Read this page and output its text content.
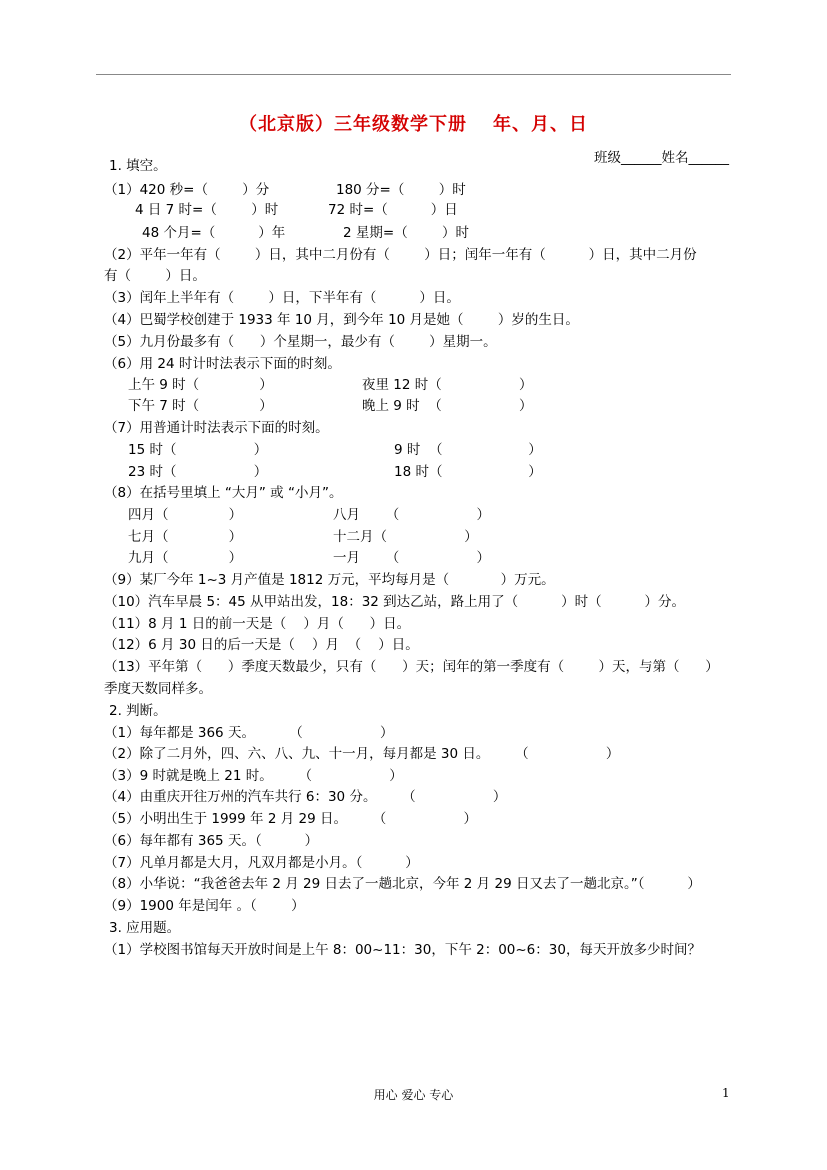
（北京版）三年级数学下册 年、月、日
班级______姓名______
1. 填空。
（1）420 秒=（        ）分	180 分=（        ）时
4 日 7 时=（        ）时	72 时=（          ）日
48 个月=（          ）年	2 星期=（        ）时
（2）平年一年有（        ）日，其中二月份有（        ）日；闰年一年有（          ）日，其中二月份
有（        ）日。
（3）闰年上半年有（        ）日，下半年有（          ）日。
（4）巴蜀学校创建于 1933 年 10 月，到今年 10 月是她（        ）岁的生日。
（5）九月份最多有（      ）个星期一，最少有（        ）星期一。
（6）用 24 时计时法表示下面的时刻。
上午 9 时（              ）	夜里 12 时（                  ）
下午 7 时（              ）	晚上 9 时  （                  ）
（7）用普通计时法表示下面的时刻。
15 时（                  ）	9 时  （                    ）
23 时（                  ）	18 时（                    ）
（8）在括号里填上 “大月” 或 “小月”。
四月（              ）	八月      （                  ）
七月（              ）	十二月（                  ）
九月（              ）	一月      （                  ）
（9）某厂今年 1~3 月产值是 1812 万元，平均每月是（            ）万元。
（10）汽车早晨 5：45 从甲站出发，18：32 到达乙站，路上用了（          ）时（          ）分。
（11）8 月 1 日的前一天是（    ）月（      ）日。
（12）6 月 30 日的后一天是（    ）月  （    ）日。
（13）平年第（      ）季度天数最少，只有（      ）天；闰年的第一季度有（        ）天，与第（      ）
季度天数同样多。
2. 判断。
（1）每年都是 366 天。        （                  ）
（2）除了二月外，四、六、八、九、十一月，每月都是 30 日。      （                  ）
（3）9 时就是晚上 21 时。      （                  ）
（4）由重庆开往万州的汽车共行 6：30 分。      （                  ）
（5）小明出生于 1999 年 2 月 29 日。      （                  ）
（6）每年都有 365 天。（          ）
（7）凡单月都是大月，凡双月都是小月。（          ）
（8）小华说：“我爸爸去年 2 月 29 日去了一趟北京，今年 2 月 29 日又去了一趟北京。”（          ）
（9）1900 年是闰年 。（        ）
3. 应用题。
（1）学校图书馆每天开放时间是上午 8：00~11：30，下午 2：00~6：30，每天开放多少时间？
用心 爱心 专心	1
